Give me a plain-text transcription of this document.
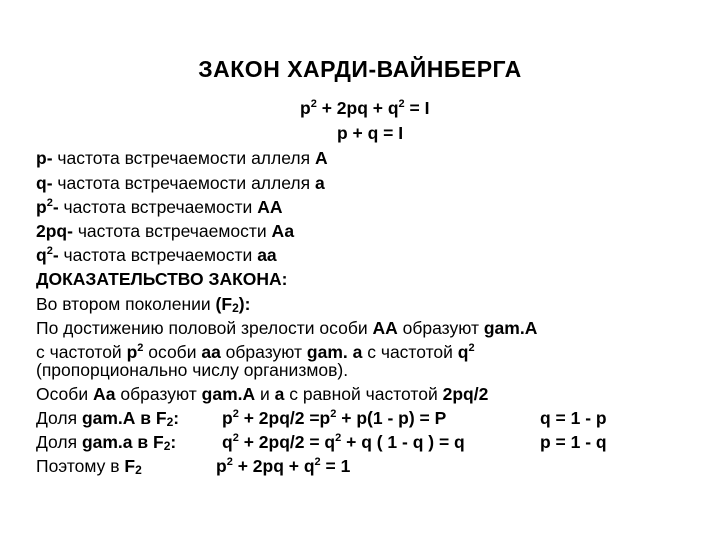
ЗАКОН ХАРДИ-ВАЙНБЕРГА
$p^2 + 2pq + q^2 = I$
p + q = I
p- частота встречаемости аллеля А
q- частота встречаемости аллеля а
$p^2-$ частота встречаемости АА
2pq- частота встречаемости Аа
$q^2-$ частота встречаемости аа
ДОКАЗАТЕЛЬСТВО ЗАКОНА:
Во втором поколении $(F_2)$:
По достижению половой зрелости особи АА образуют gam.А
с частотой $p^2$ особи аа образуют gam. а с частотой $q^2$
(пропорционально числу организмов).
Особи Аа образуют gam.А и а с равной частотой 2pq/2
Доля gam.А в $F_2$: $p^2 + 2pq/2 =p^2 + p(1 - p) = P$	q = 1 - p
Доля gam.а в $F_2$:	$q^2 + 2pq/2 = q^2 + q$ ( 1 - q ) = q	p = 1 - q
Поэтому в $F_2$	$p^2 + 2pq + q^2 = 1$
